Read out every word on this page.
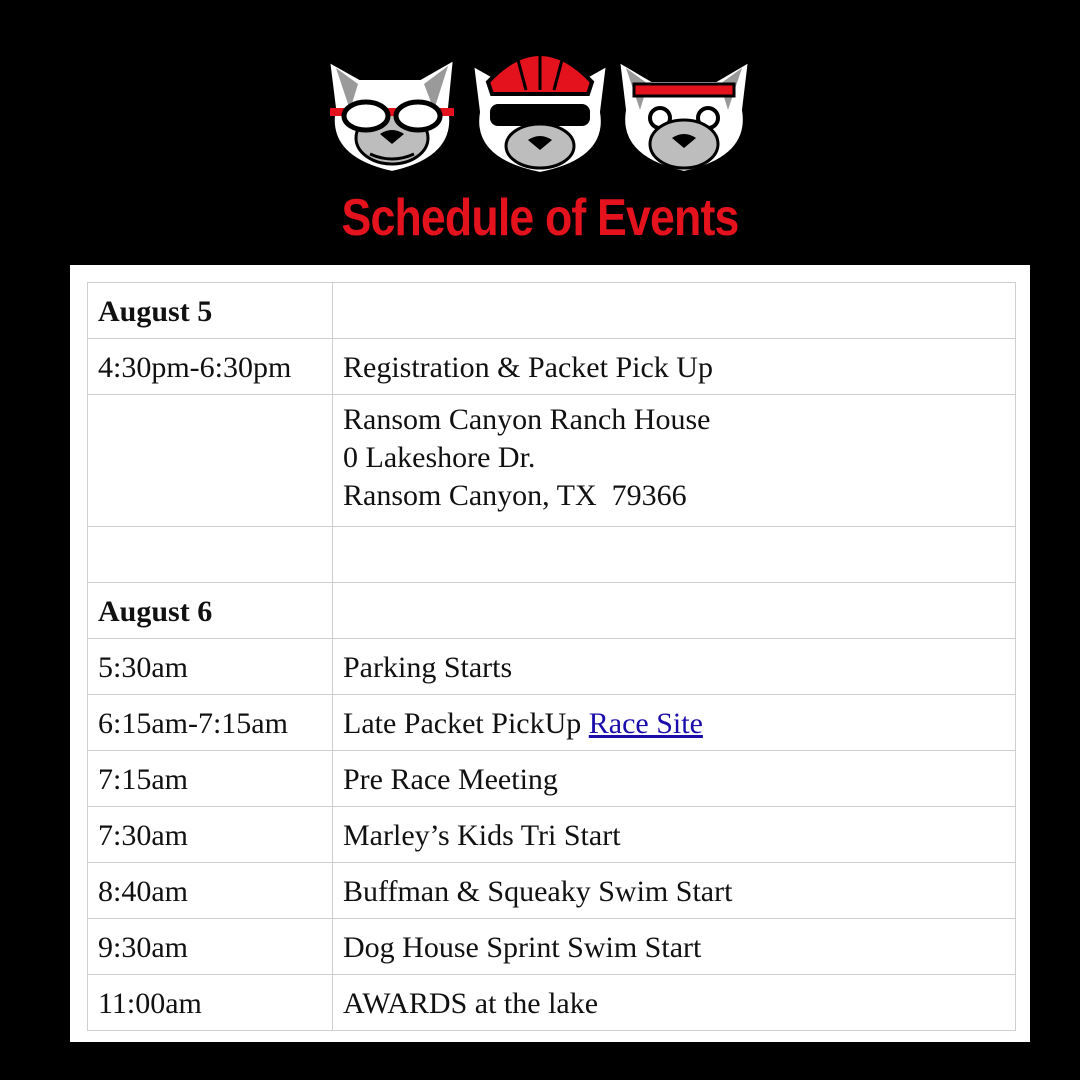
Schedule of Events
August 5	
4:30pm-6:30pm	Registration & Packet Pick Up

	Ransom Canyon Ranch House
0 Lakeshore Dr.
Ransom Canyon, TX  79366

August 6	
5:30am	Parking Starts
6:15am-7:15am	Late Packet PickUp Race Site
7:15am	Pre Race Meeting
7:30am	Marley’s Kids Tri Start
8:40am	Buffman & Squeaky Swim Start
9:30am	Dog House Sprint Swim Start
11:00am	AWARDS at the lake
